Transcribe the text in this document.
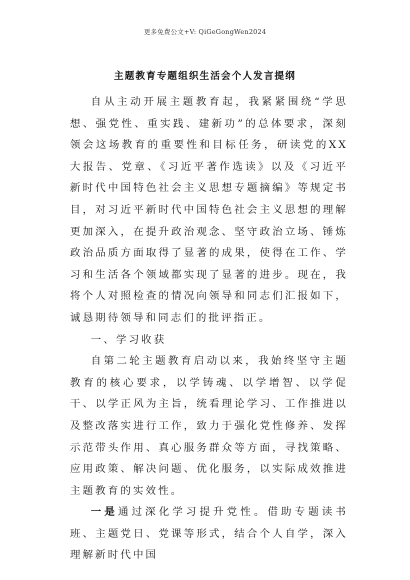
更多免费公文+V: QiGeGongWen2024
主题教育专题组织生活会个人发言提纲

自从主动开展主题教育起，我紧紧围绕“学思想、强党性、重实践、建新功”的总体要求，深刻领会这场教育的重要性和目标任务，研读党的XX大报告、党章、《习近平著作选读》以及《习近平新时代中国特色社会主义思想专题摘编》等规定书目，对习近平新时代中国特色社会主义思想的理解更加深入，在提升政治观念、坚守政治立场、锤炼政治品质方面取得了显著的成果，使得在工作、学习和生活各个领域都实现了显著的进步。现在，我将个人对照检查的情况向领导和同志们汇报如下，诚恳期待领导和同志们的批评指正。

一、学习收获

自第二轮主题教育启动以来，我始终坚守主题教育的核心要求，以学铸魂、以学增智、以学促干、以学正风为主旨，统看理论学习、工作推进以及整改落实进行工作，致力于强化党性修养、发挥示范带头作用、真心服务群众等方面，寻找策略、应用政策、解决问题、优化服务，以实际成效推进主题教育的实效性。

一是通过深化学习提升党性。借助专题读书班、主题党日、党课等形式，结合个人自学，深入理解新时代中国
